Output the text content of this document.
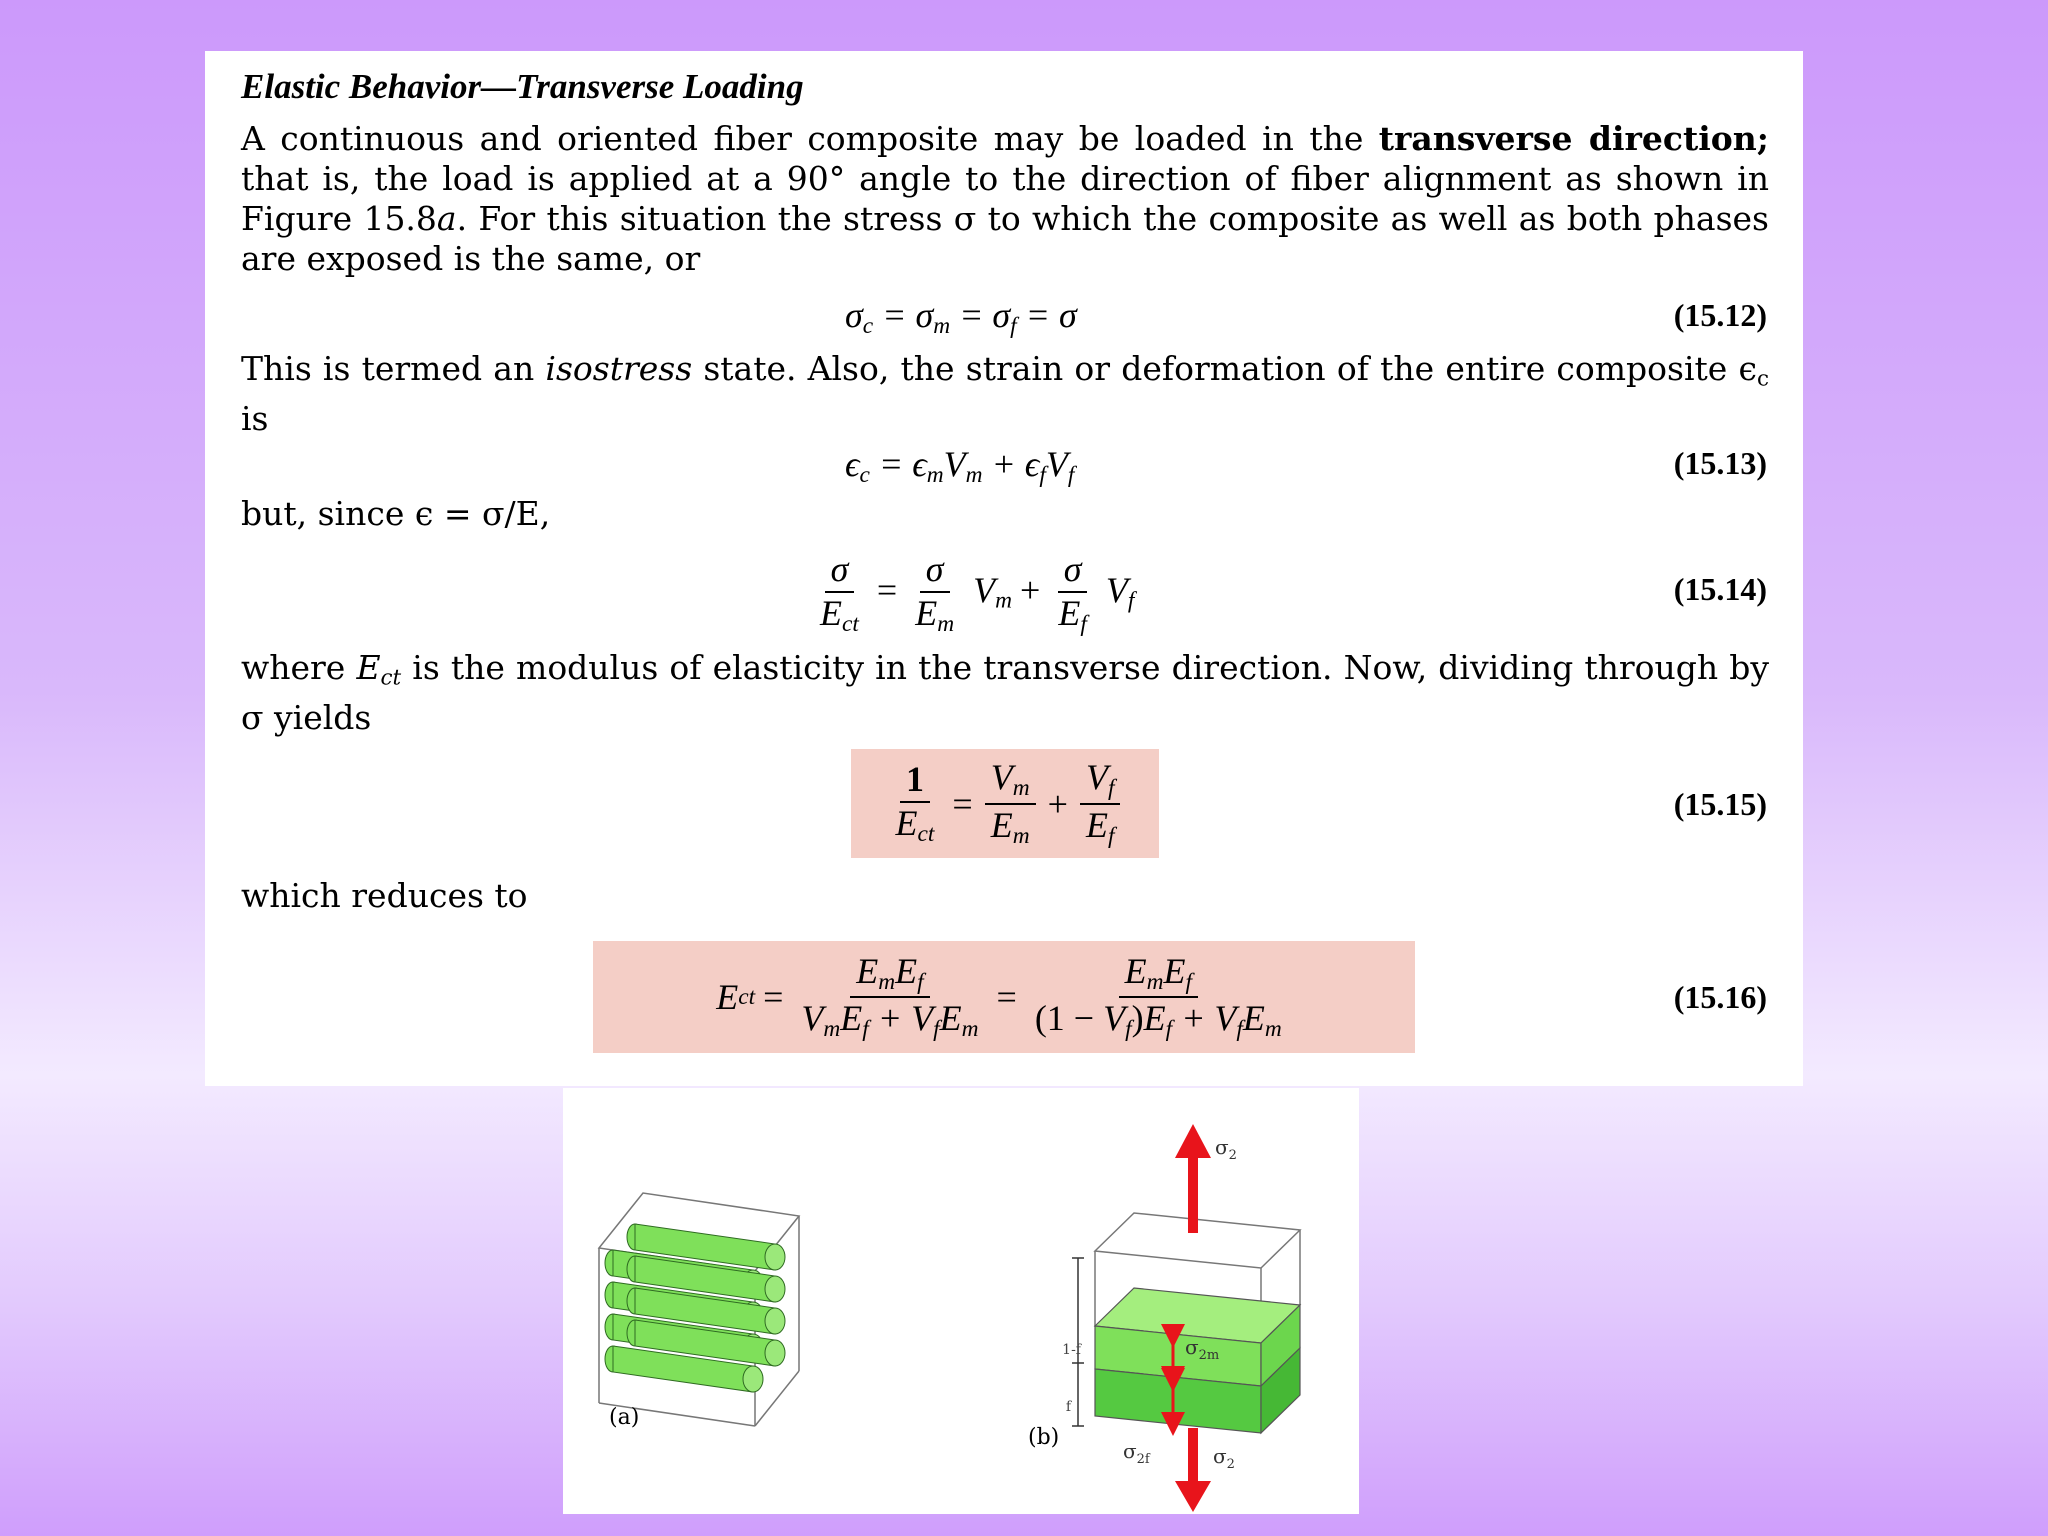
Elastic Behavior—Transverse Loading
A continuous and oriented fiber composite may be loaded in the transverse direction; that is, the load is applied at a 90° angle to the direction of fiber alignment as shown in Figure 15.8a. For this situation the stress σ to which the composite as well as both phases are exposed is the same, or
$\sigma_c = \sigma_m = \sigma_f = \sigma$	(15.12)
This is termed an isostress state. Also, the strain or deformation of the entire composite $\epsilon_c$ is
$\epsilon_c = \epsilon_mV_m + \epsilon_fV_f$	(15.13)
but, since ϵ = σ/E,
$\frac{\sigma}{E_{ct}} = \frac{\sigma}{E_m} V_m + \frac{\sigma}{E_f} V_f$	(15.14)
where $E_{ct}$ is the modulus of elasticity in the transverse direction. Now, dividing through by σ yields
$\frac{1}{E_{ct}} = \frac{V_m}{E_m} + \frac{V_f}{E_f}$	(15.15)
which reduces to
E ct = $\frac{E_mE_f}{V_mE_f + V_fE_m} = \frac{E_mE_f}{(1 - V_f)E_f + V_fE_m}$	(15.16)
(a)
1-f
f
$\sigma_2$
$\sigma_{2m}$
$\sigma_{2f}$	$\sigma_2$
(b)
